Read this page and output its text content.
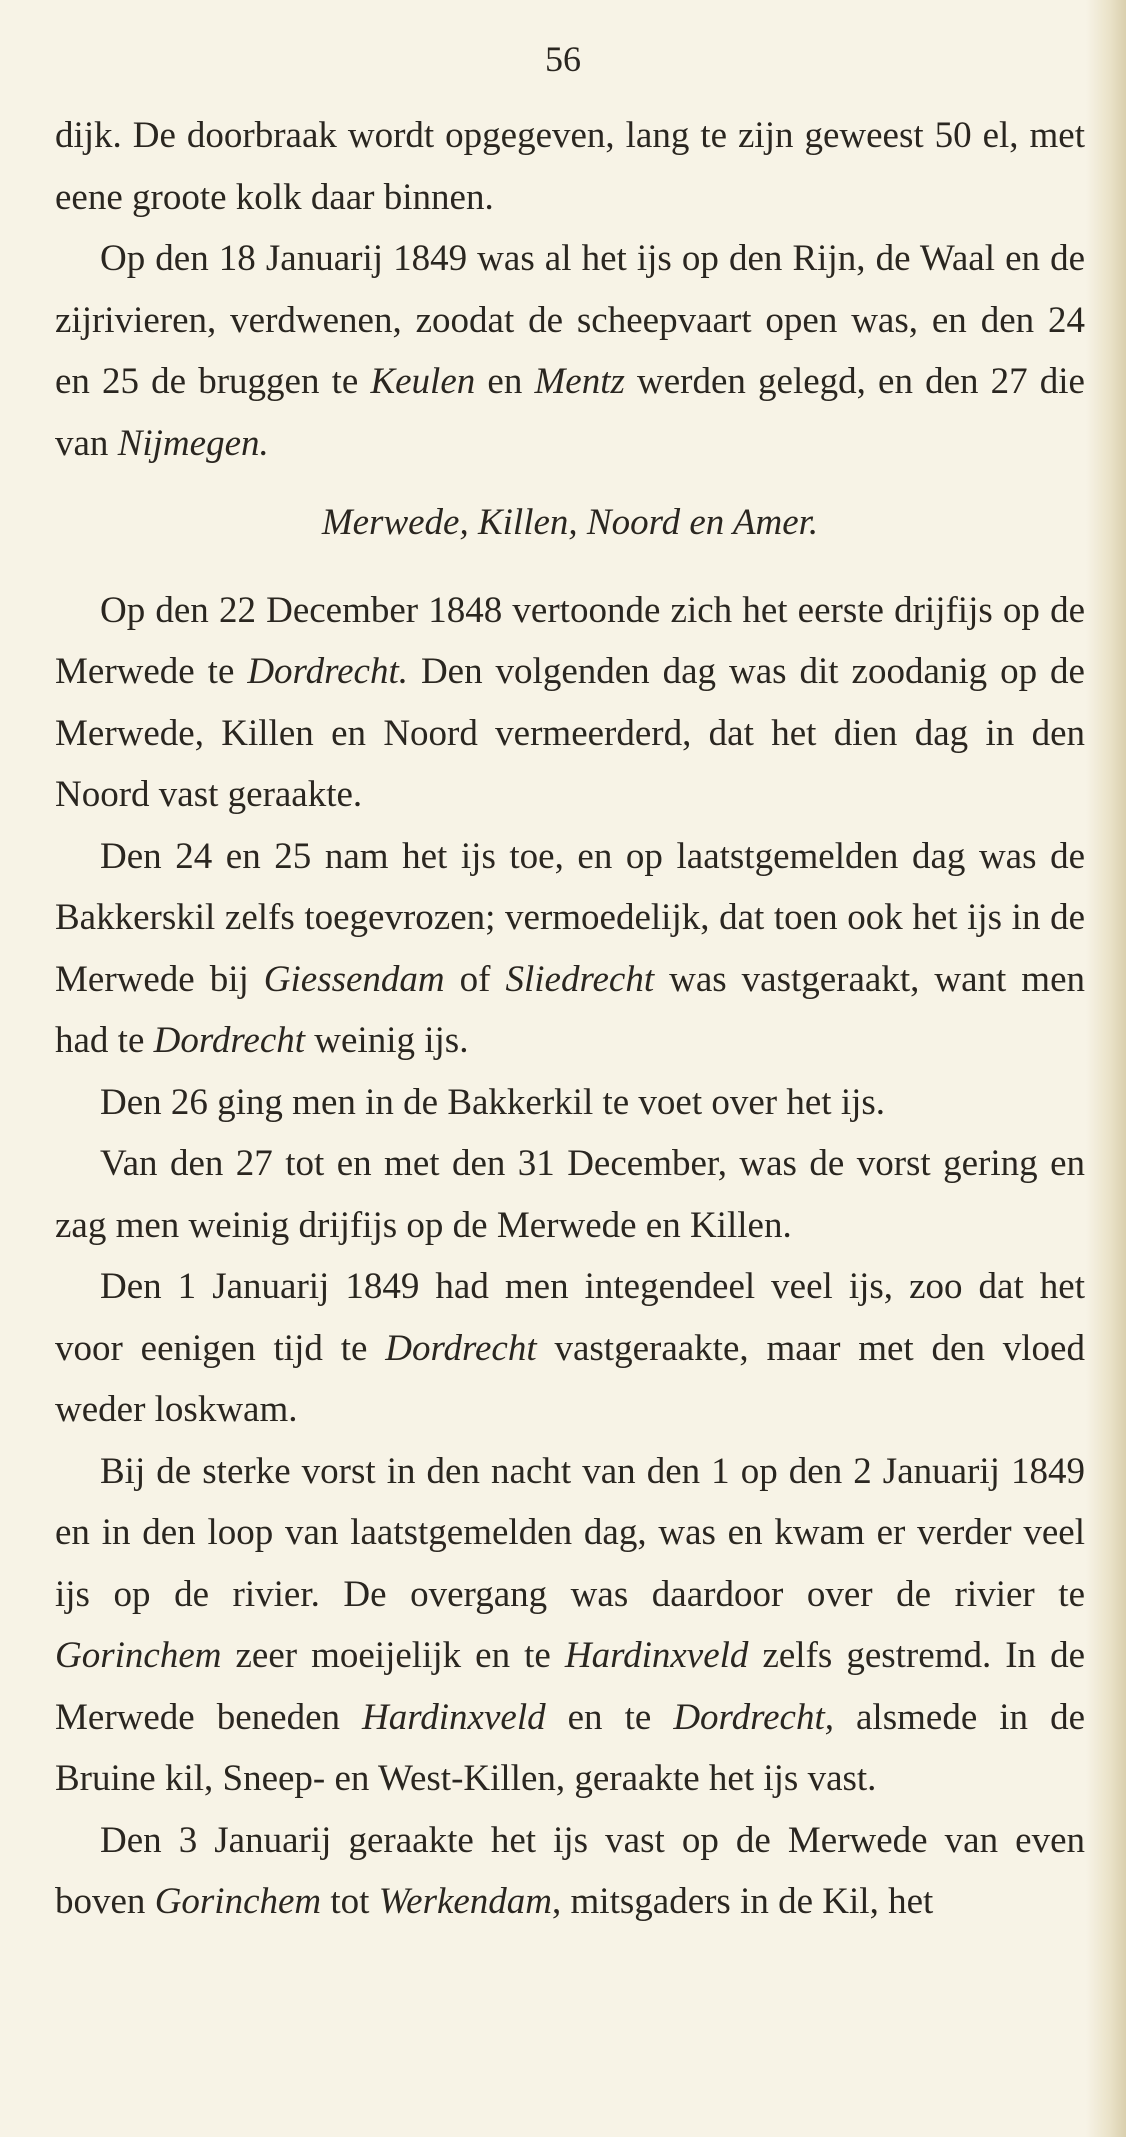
56

dijk. De doorbraak wordt opgegeven, lang te zijn geweest 50 el, met eene groote kolk daar binnen.

Op den 18 Januarij 1849 was al het ijs op den Rijn, de Waal en de zijrivieren, verdwenen, zoodat de scheepvaart open was, en den 24 en 25 de bruggen te Keulen en Mentz werden gelegd, en den 27 die van Nijmegen.

Merwede, Killen, Noord en Amer.

Op den 22 December 1848 vertoonde zich het eerste drijfijs op de Merwede te Dordrecht. Den volgenden dag was dit zoodanig op de Merwede, Killen en Noord vermeerderd, dat het dien dag in den Noord vast geraakte.

Den 24 en 25 nam het ijs toe, en op laatstgemelden dag was de Bakkerskil zelfs toegevrozen; vermoedelijk, dat toen ook het ijs in de Merwede bij Giessendam of Sliedrecht was vastgeraakt, want men had te Dordrecht weinig ijs.

Den 26 ging men in de Bakkerkil te voet over het ijs.

Van den 27 tot en met den 31 December, was de vorst gering en zag men weinig drijfijs op de Merwede en Killen.

Den 1 Januarij 1849 had men integendeel veel ijs, zoo dat het voor eenigen tijd te Dordrecht vastgeraakte, maar met den vloed weder loskwam.

Bij de sterke vorst in den nacht van den 1 op den 2 Januarij 1849 en in den loop van laatstgemelden dag, was en kwam er verder veel ijs op de rivier. De overgang was daardoor over de rivier te Gorinchem zeer moeijelijk en te Hardinxveld zelfs gestremd. In de Merwede beneden Hardinxveld en te Dordrecht, alsmede in de Bruine kil, Sneep- en West-Killen, geraakte het ijs vast.

Den 3 Januarij geraakte het ijs vast op de Merwede van even boven Gorinchem tot Werkendam, mitsgaders in de Kil, het
